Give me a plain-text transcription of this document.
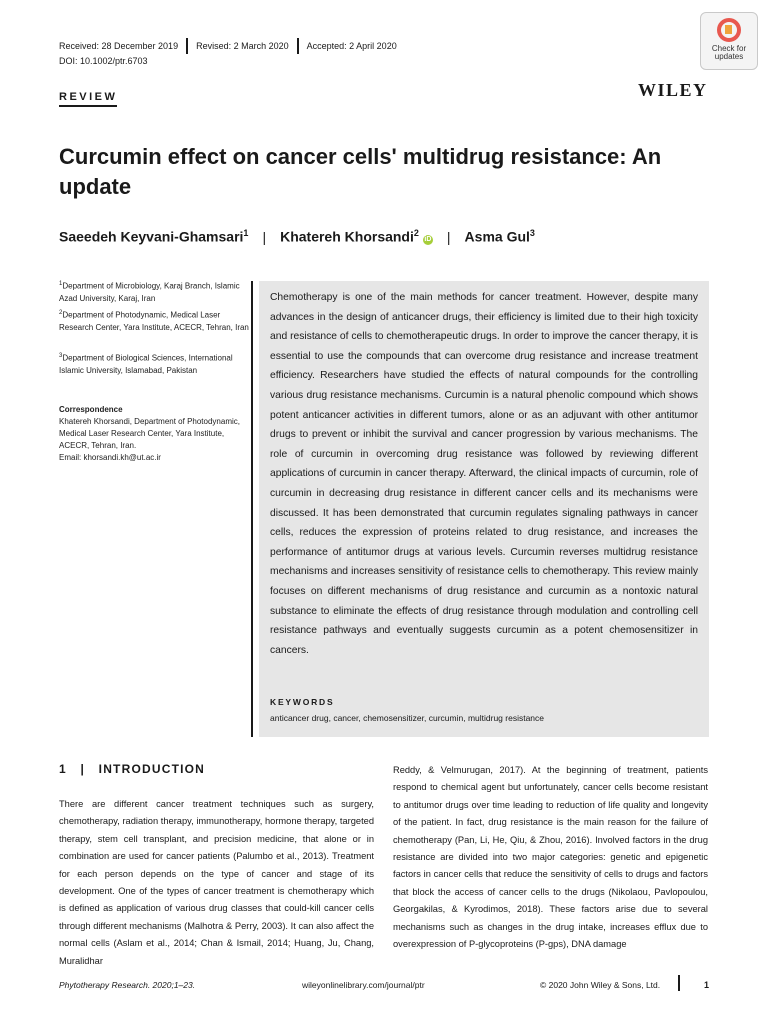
Received: 28 December 2019 Revised: 2 March 2020 Accepted: 2 April 2020
DOI: 10.1002/ptr.6703
Check for
updates
REVIEW	WILEY
Curcumin effect on cancer cells' multidrug resistance: An update
Saeedeh Keyvani-Ghamsari$^1$ | Khatereh Khorsandi$^2$iD | Asma Gul$^3$
$^1$Department of Microbiology, Karaj Branch, Islamic Azad University, Karaj, Iran
$^2$Department of Photodynamic, Medical Laser Research Center, Yara Institute, ACECR, Tehran, Iran
$^3$Department of Biological Sciences, International Islamic University, Islamabad, Pakistan
Correspondence
Khatereh Khorsandi, Department of Photodynamic, Medical Laser Research Center, Yara Institute, ACECR, Tehran, Iran.
Email: khorsandi.kh@ut.ac.ir

Chemotherapy is one of the main methods for cancer treatment. However, despite many advances in the design of anticancer drugs, their efficiency is limited due to their high toxicity and resistance of cells to chemotherapeutic drugs. In order to improve the cancer therapy, it is essential to use the compounds that can overcome drug resistance and increase treatment efficiency. Researchers have studied the effects of natural compounds for the controlling various drug resistance mechanisms. Curcumin is a natural phenolic compound which shows potent anticancer activities in different tumors, alone or as an adjuvant with other antitumor drugs to prevent or inhibit the survival and cancer progression by various mechanisms. The role of curcumin in overcoming drug resistance was followed by reviewing different applications of curcumin in cancer therapy. Afterward, the clinical impacts of curcumin, role of curcumin in decreasing drug resistance in different cancer cells and its mechanisms were discussed. It has been demonstrated that curcumin regulates signaling pathways in cancer cells, reduces the expression of proteins related to drug resistance, and increases the performance of antitumor drugs at various levels. Curcumin reverses multidrug resistance mechanisms and increases sensitivity of resistance cells to chemotherapy. This review mainly focuses on different mechanisms of drug resistance and curcumin as a nontoxic natural substance to eliminate the effects of drug resistance through modulation and controlling cell resistance pathways and eventually suggests curcumin as a potent chemosensitizer in cancers.

KEYWORDS
anticancer drug, cancer, chemosensitizer, curcumin, multidrug resistance
1 | INTRODUCTION

There are different cancer treatment techniques such as surgery, chemotherapy, radiation therapy, immunotherapy, hormone therapy, targeted therapy, stem cell transplant, and precision medicine, that alone or in combination are used for cancer patients (Palumbo et al., 2013). Treatment for each person depends on the type of cancer and stage of its development. One of the types of cancer treatment is chemotherapy which is defined as application of various drug classes that could-kill cancer cells through different mechanisms (Malhotra & Perry, 2003). It can also affect the normal cells (Aslam et al., 2014; Chan & Ismail, 2014; Huang, Ju, Chang, Muralidhar

Reddy, & Velmurugan, 2017). At the beginning of treatment, patients respond to chemical agent but unfortunately, cancer cells become resistant to antitumor drugs over time leading to reduction of life quality and longevity of the patient. In fact, drug resistance is the main reason for the failure of chemotherapy (Pan, Li, He, Qiu, & Zhou, 2016). Involved factors in the drug resistance are divided into two major categories: genetic and epigenetic factors in cancer cells that reduce the sensitivity of cells to drugs and factors that block the access of cancer cells to the drugs (Nikolaou, Pavlopoulou, Georgakilas, & Kyrodimos, 2018). These factors arise due to several mechanisms such as changes in the drug intake, increases efflux due to overexpression of P-glycoproteins (P-gps), DNA damage

Phytotherapy Research. 2020;1–23.	wileyonlinelibrary.com/journal/ptr	© 2020 John Wiley & Sons, Ltd.	1
